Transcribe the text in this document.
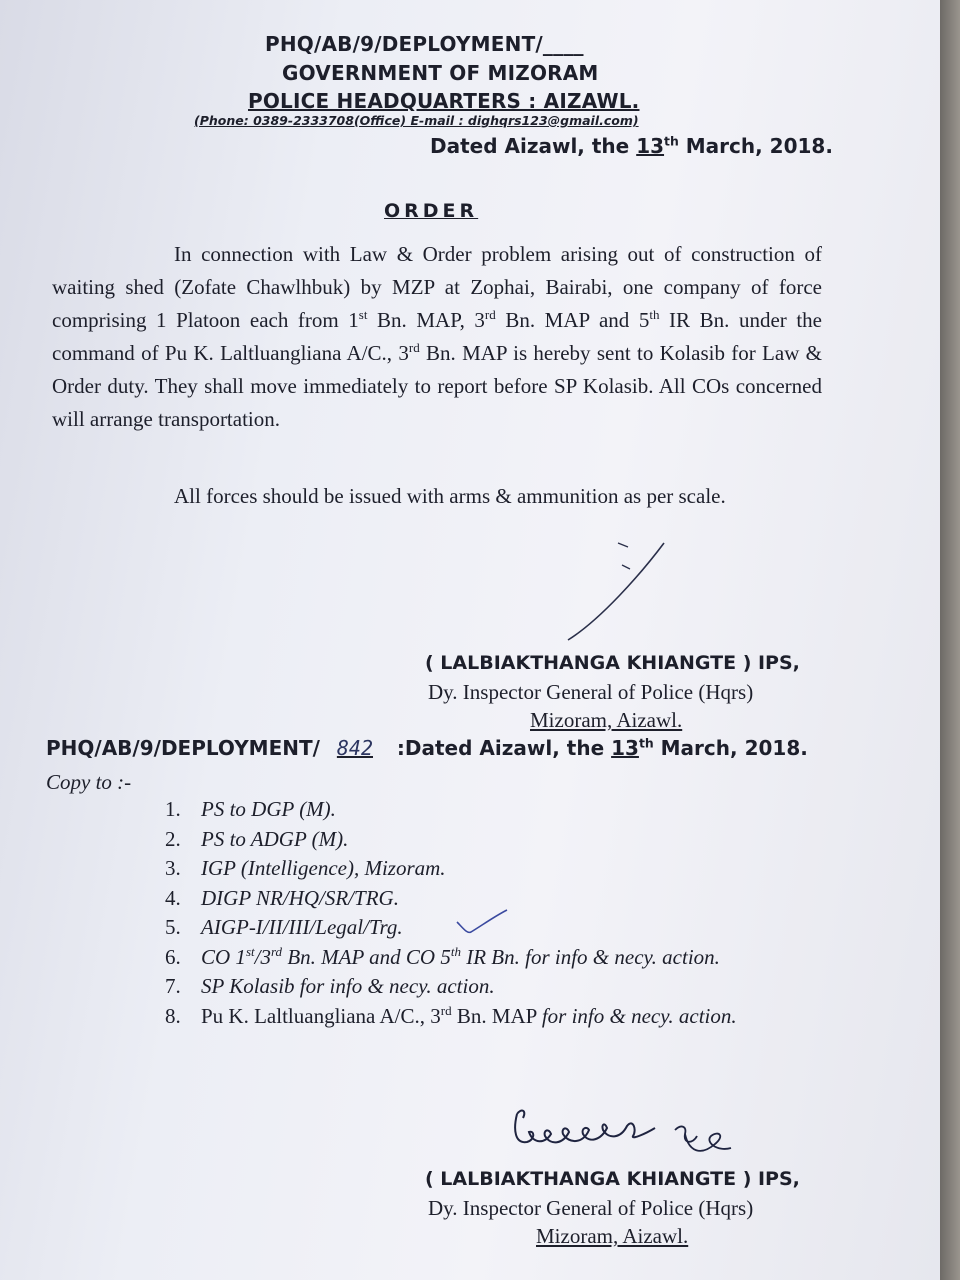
PHQ/AB/9/DEPLOYMENT/____
GOVERNMENT OF MIZORAM
POLICE HEADQUARTERS : AIZAWL.
(Phone: 0389-2333708(Office) E-mail : dighqrs123@gmail.com)
Dated Aizawl, the 13th March, 2018.
ORDER
In connection with Law & Order problem arising out of construction of waiting shed (Zofate Chawlhbuk) by MZP at Zophai, Bairabi, one company of force comprising 1 Platoon each from 1st Bn. MAP, 3rd Bn. MAP and 5th IR Bn. under the command of Pu K. Laltluangliana A/C., 3rd Bn. MAP is hereby sent to Kolasib for Law & Order duty. They shall move immediately to report before SP Kolasib. All COs concerned will arrange transportation.
All forces should be issued with arms & ammunition as per scale.
( LALBIAKTHANGA KHIANGTE ) IPS,
Dy. Inspector General of Police (Hqrs)
Mizoram, Aizawl.
PHQ/AB/9/DEPLOYMENT/ 842 :Dated Aizawl, the 13th March, 2018.
Copy to :-
1. PS to DGP (M).
2. PS to ADGP (M).
3. IGP (Intelligence), Mizoram.
4. DIGP NR/HQ/SR/TRG.
5. AIGP-I/II/III/Legal/Trg.
6. CO 1st/3rd Bn. MAP and CO 5th IR Bn. for info & necy. action.
7. SP Kolasib for info & necy. action.
8. Pu K. Laltluangliana A/C., 3rd Bn. MAP for info & necy. action.
( LALBIAKTHANGA KHIANGTE ) IPS,
Dy. Inspector General of Police (Hqrs)
Mizoram, Aizawl.
